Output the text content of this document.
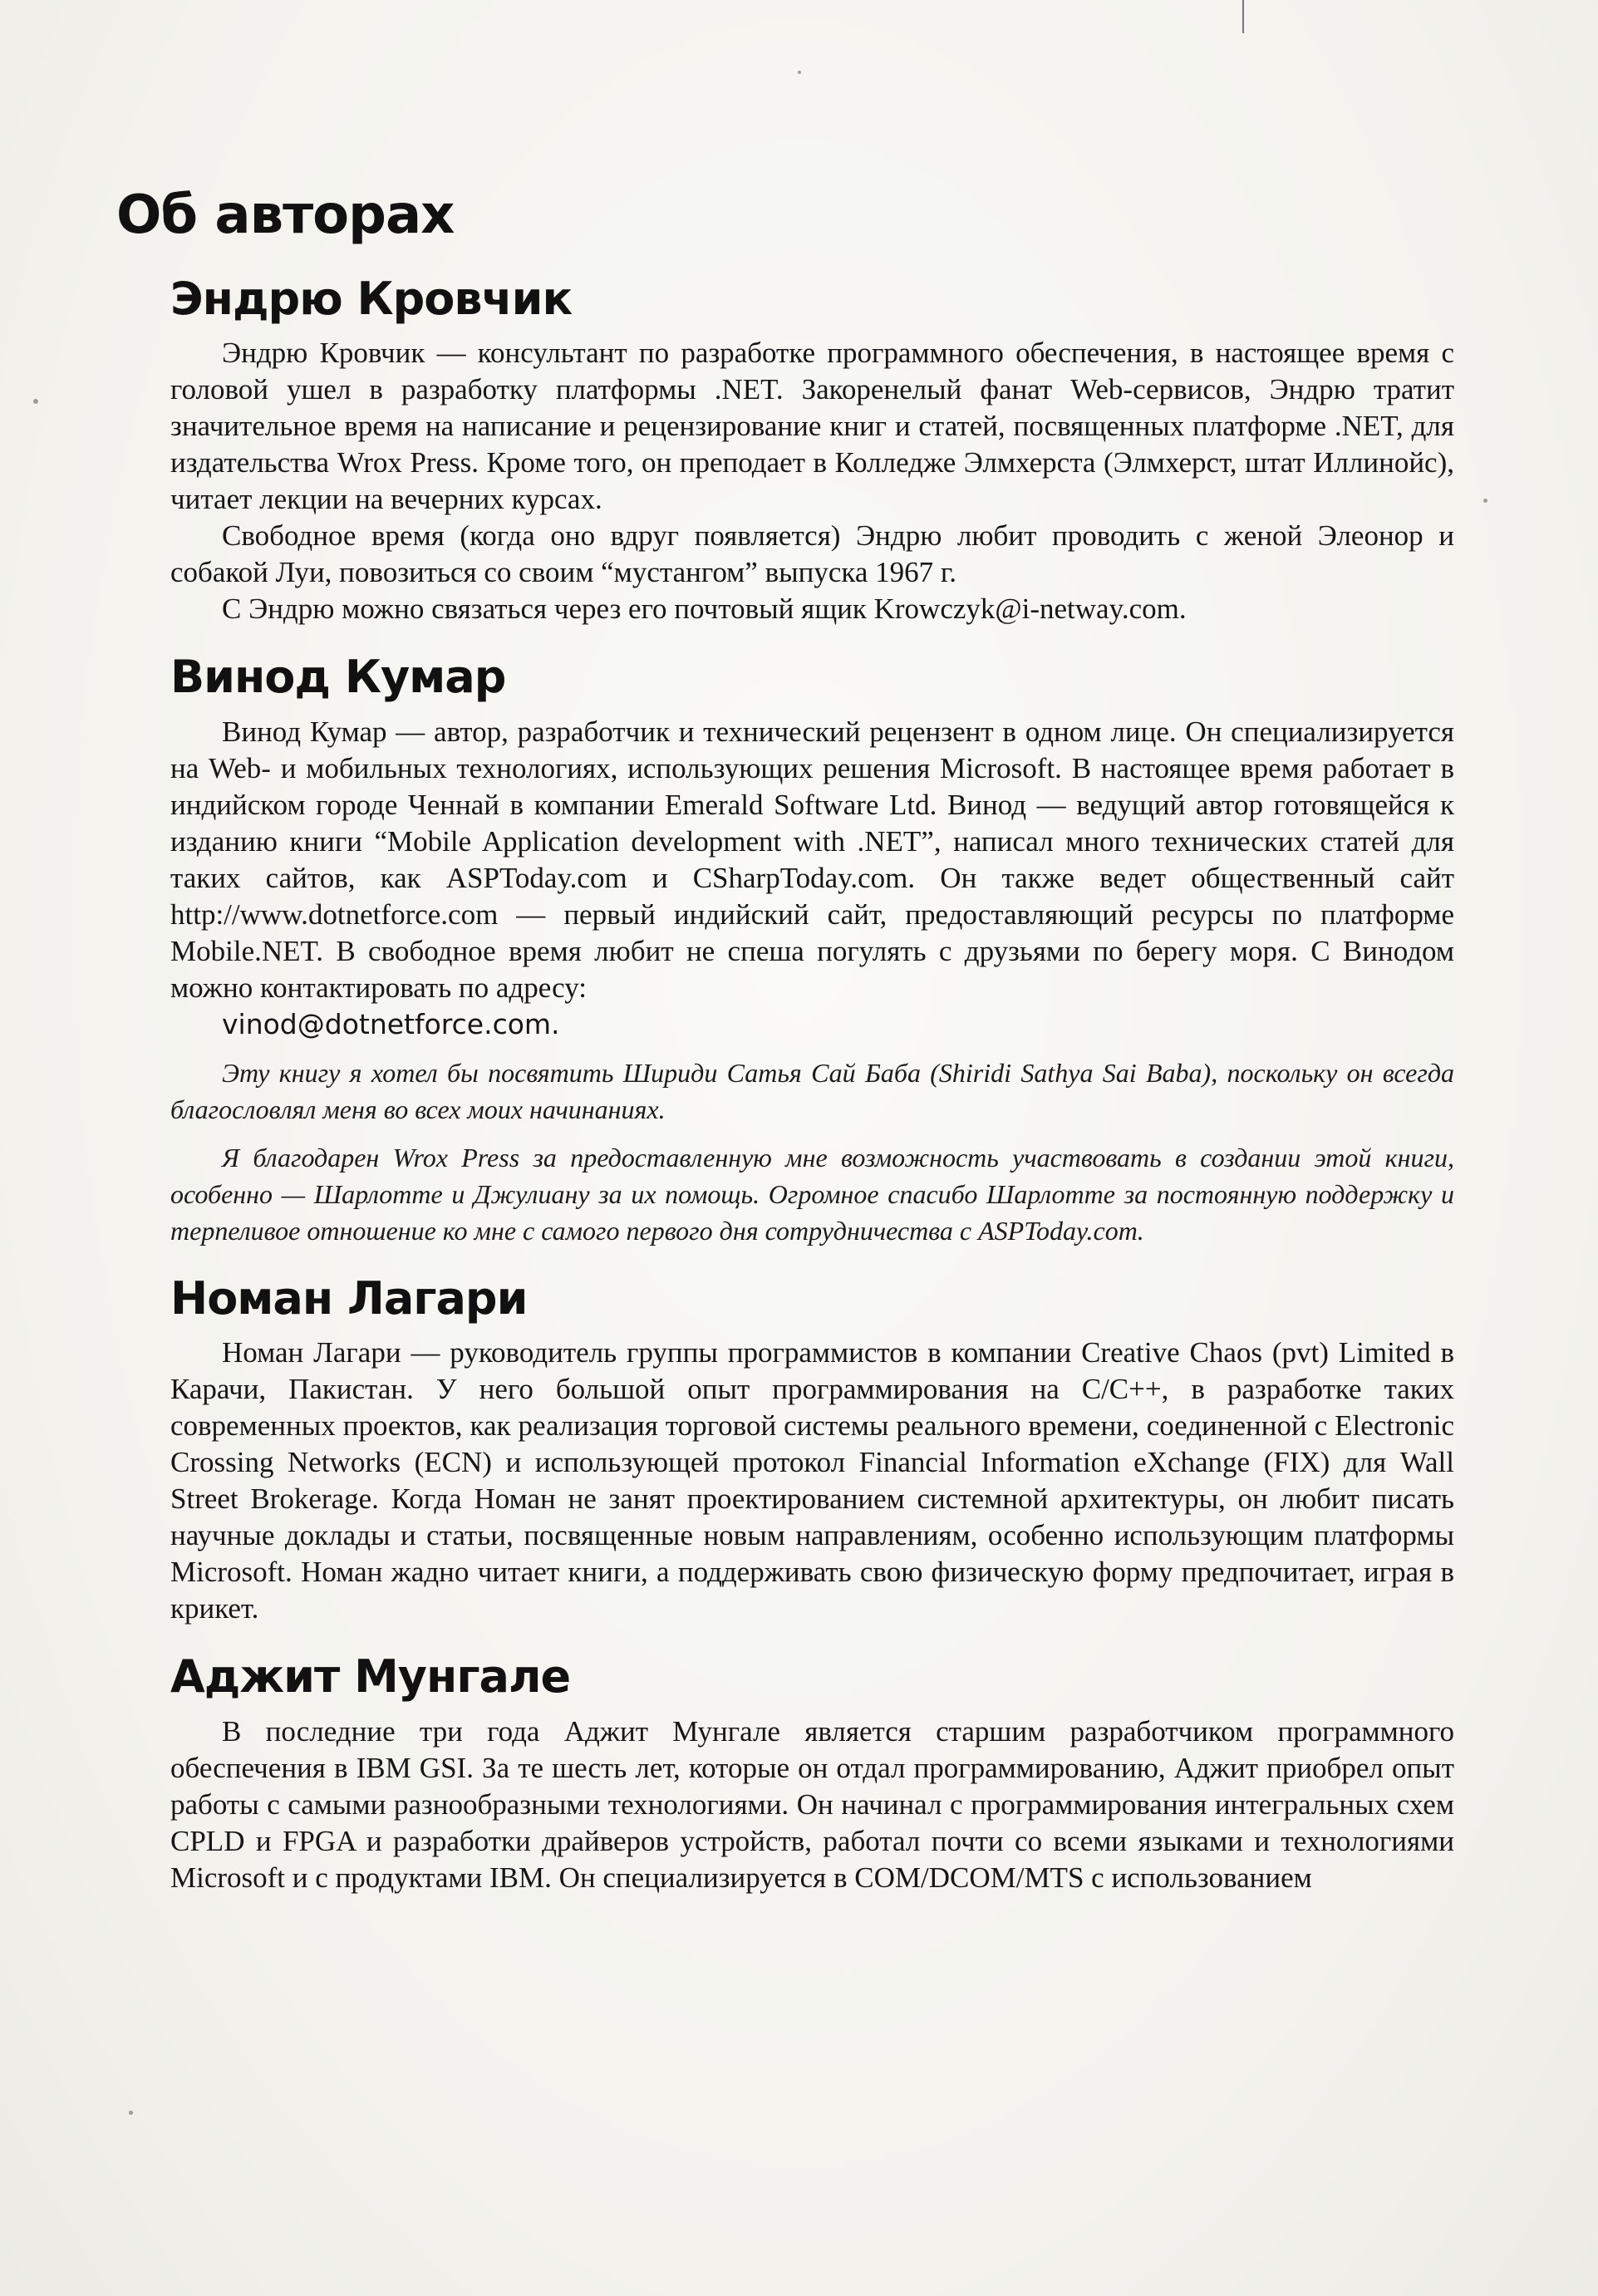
Об авторах
Эндрю Кровчик

Эндрю Кровчик — консультант по разработке программного обеспечения, в настоящее время с головой ушел в разработку платформы .NET. Закоренелый фанат Web-сервисов, Эндрю тратит значительное время на написание и рецензирование книг и статей, посвященных платформе .NET, для издательства Wrox Press. Кроме того, он преподает в Колледже Элмхерста (Элмхерст, штат Иллинойс), читает лекции на вечерних курсах.

Свободное время (когда оно вдруг появляется) Эндрю любит проводить с женой Элеонор и собакой Луи, повозиться со своим “мустангом” выпуска 1967 г.

С Эндрю можно связаться через его почтовый ящик Krowczyk@i-netway.com.

Винод Кумар

Винод Кумар — автор, разработчик и технический рецензент в одном лице. Он специализируется на Web- и мобильных технологиях, использующих решения Microsoft. В настоящее время работает в индийском городе Ченнай в компании Emerald Software Ltd. Винод — ведущий автор готовящейся к изданию книги “Mobile Application development with .NET”, написал много технических статей для таких сайтов, как ASPToday.com и CSharpToday.com. Он также ведет общественный сайт http://www.dotnetforce.com — первый индийский сайт, предоставляющий ресурсы по платформе Mobile.NET. В свободное время любит не спеша погулять с друзьями по берегу моря. С Винодом можно контактировать по адресу:

vinod@dotnetforce.com.

Эту книгу я хотел бы посвятить Шириди Сатья Сай Баба (Shiridi Sathya Sai Baba), поскольку он всегда благословлял меня во всех моих начинаниях.

Я благодарен Wrox Press за предоставленную мне возможность участвовать в создании этой книги, особенно — Шарлотте и Джулиану за их помощь. Огромное спасибо Шарлотте за постоянную поддержку и терпеливое отношение ко мне с самого первого дня сотрудничества с ASPToday.com.

Номан Лагари

Номан Лагари — руководитель группы программистов в компании Creative Chaos (pvt) Limited в Карачи, Пакистан. У него большой опыт программирования на C/C++, в разработке таких современных проектов, как реализация торговой системы реального времени, соединенной с Electronic Crossing Networks (ECN) и использующей протокол Financial Information eXchange (FIX) для Wall Street Brokerage. Когда Номан не занят проектированием системной архитектуры, он любит писать научные доклады и статьи, посвященные новым направлениям, особенно использующим платформы Microsoft. Номан жадно читает книги, а поддерживать свою физическую форму предпочитает, играя в крикет.

Аджит Мунгале

В последние три года Аджит Мунгале является старшим разработчиком программного обеспечения в IBM GSI. За те шесть лет, которые он отдал программированию, Аджит приобрел опыт работы с самыми разнообразными технологиями. Он начинал с программирования интегральных схем CPLD и FPGA и разработки драйверов устройств, работал почти со всеми языками и технологиями Microsoft и с продуктами IBM. Он специализируется в COM/DCOM/MTS с использованием
